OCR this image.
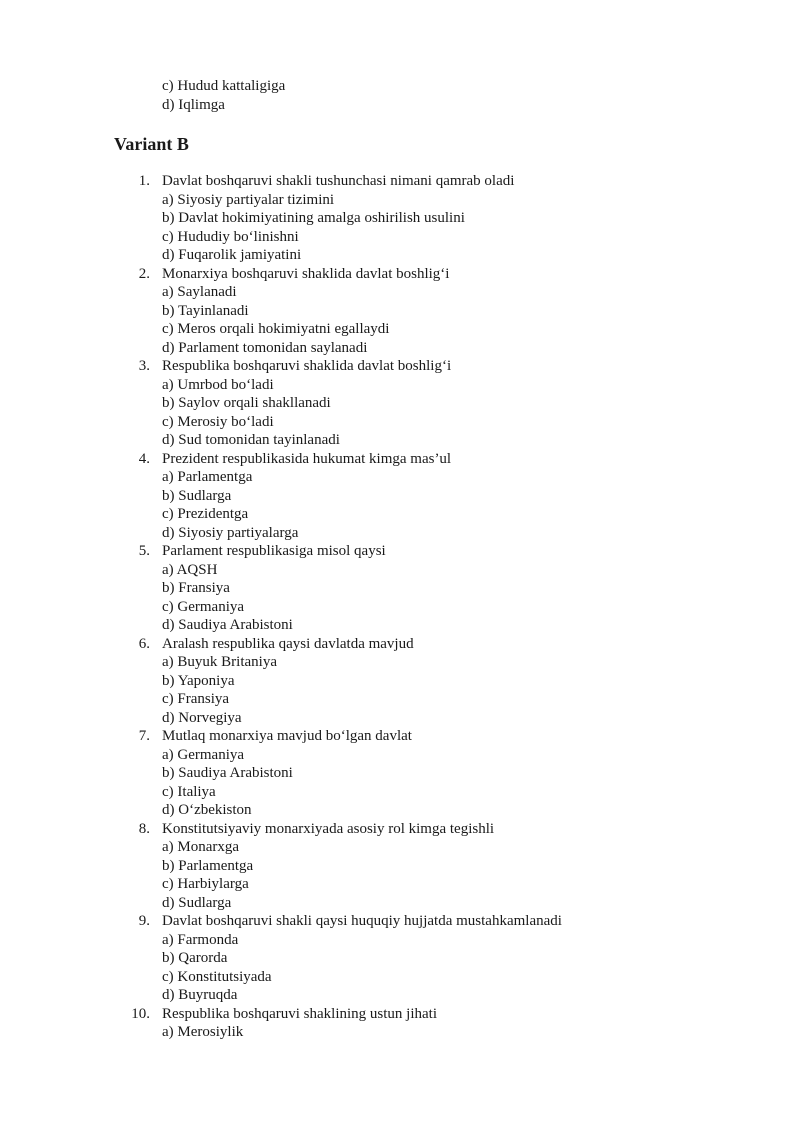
c) Hudud kattaligiga
d) Iqlimga
Variant B
1. Davlat boshqaruvi shakli tushunchasi nimani qamrab oladi
a) Siyosiy partiyalar tizimini
b) Davlat hokimiyatining amalga oshirilish usulini
c) Hududiy bo‘linishni
d) Fuqarolik jamiyatini
2. Monarxiya boshqaruvi shaklida davlat boshlig‘i
a) Saylanadi
b) Tayinlanadi
c) Meros orqali hokimiyatni egallaydi
d) Parlament tomonidan saylanadi
3. Respublika boshqaruvi shaklida davlat boshlig‘i
a) Umrbod bo‘ladi
b) Saylov orqali shakllanadi
c) Merosiy bo‘ladi
d) Sud tomonidan tayinlanadi
4. Prezident respublikasida hukumat kimga mas’ul
a) Parlamentga
b) Sudlarga
c) Prezidentga
d) Siyosiy partiyalarga
5. Parlament respublikasiga misol qaysi
a) AQSH
b) Fransiya
c) Germaniya
d) Saudiya Arabistoni
6. Aralash respublika qaysi davlatda mavjud
a) Buyuk Britaniya
b) Yaponiya
c) Fransiya
d) Norvegiya
7. Mutlaq monarxiya mavjud bo‘lgan davlat
a) Germaniya
b) Saudiya Arabistoni
c) Italiya
d) O‘zbekiston
8. Konstitutsiyaviy monarxiyada asosiy rol kimga tegishli
a) Monarxga
b) Parlamentga
c) Harbiylarga
d) Sudlarga
9. Davlat boshqaruvi shakli qaysi huquqiy hujjatda mustahkamlanadi
a) Farmonda
b) Qarorda
c) Konstitutsiyada
d) Buyruqda
10. Respublika boshqaruvi shaklining ustun jihati
a) Merosiylik
